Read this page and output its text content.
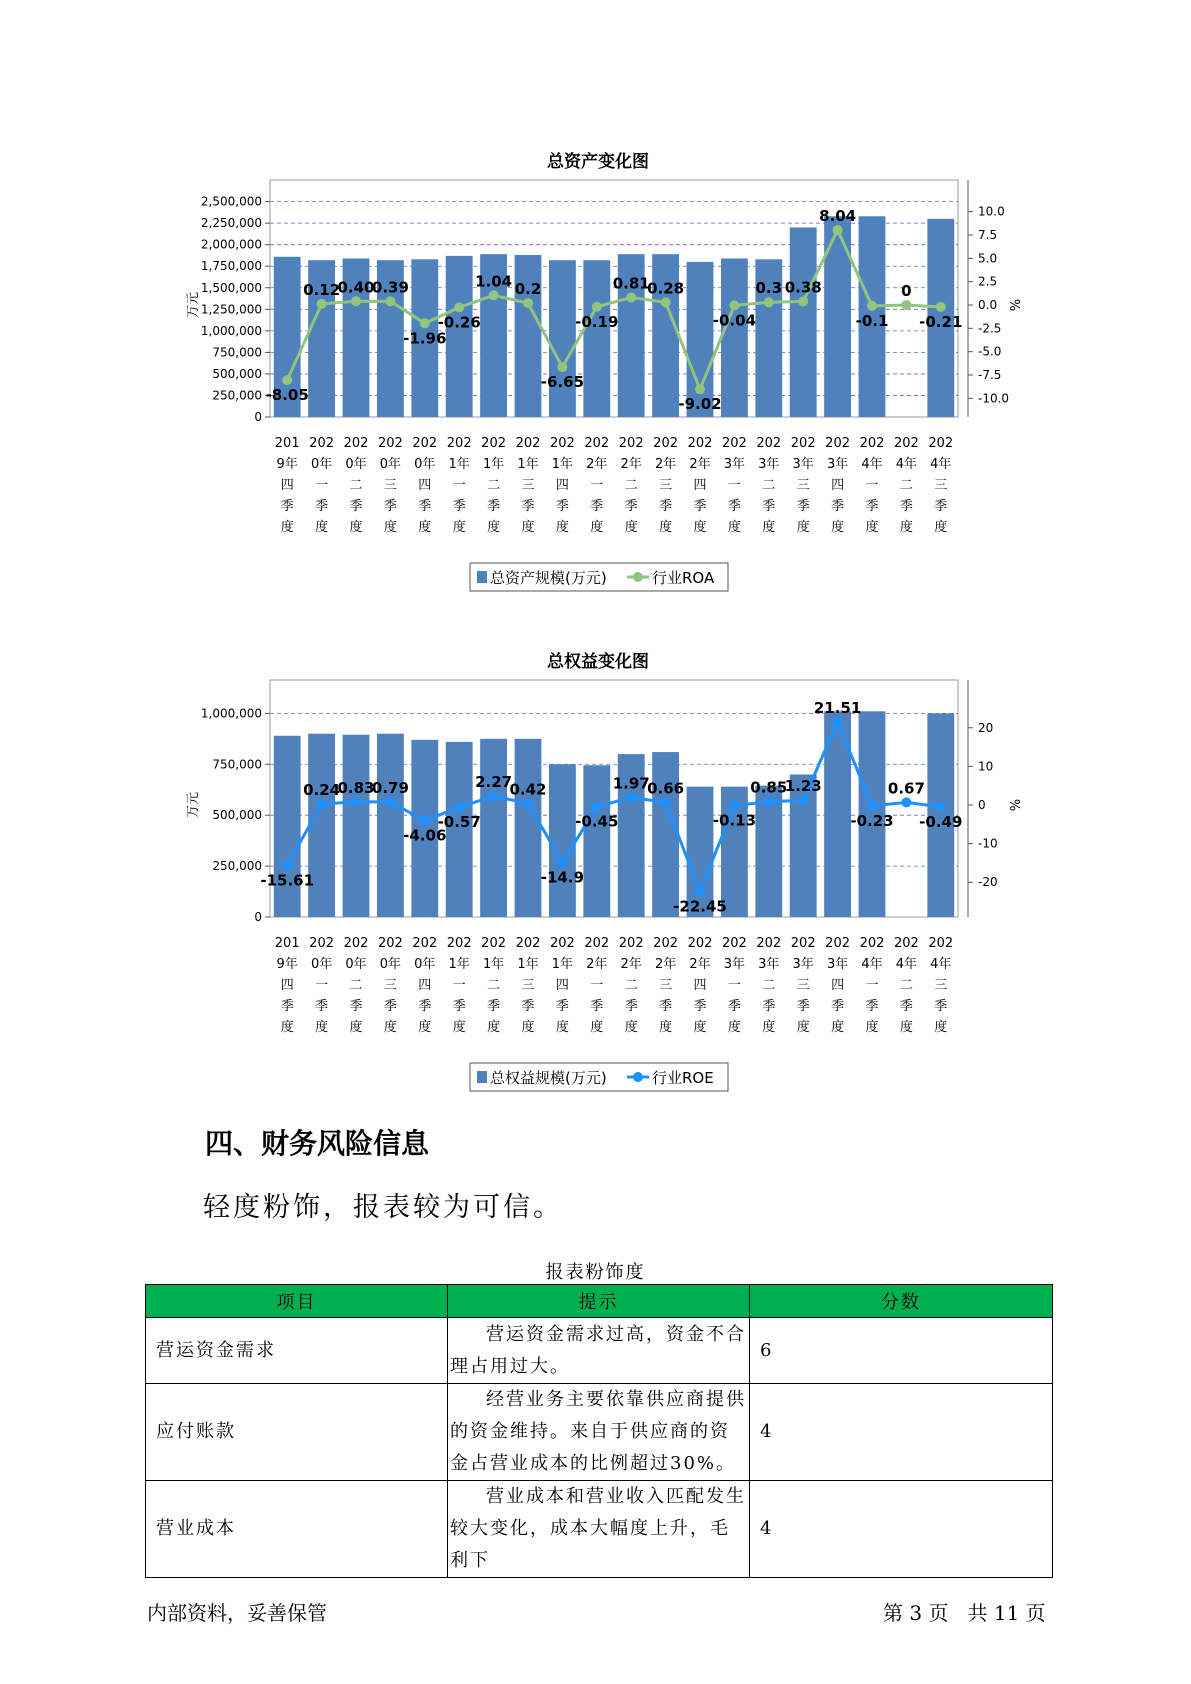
总资产变化图
0
250,000
500,000
750,000
1,000,000
1,250,000
1,500,000
1,750,000
2,000,000
2,250,000
2,500,000
-10.0
-7.5
-5.0
-2.5
0.0
2.5
5.0
7.5
10.0
万元	%
-8.05
0.12
0.40
0.39
-1.96
-0.26
1.04 0.2
-6.65
-0.19
0.81
0.28
-9.02
-0.04
0.3 0.38
8.04
-0.1
0
-0.21
201
9年
四
季
度
202
0年
一
季
度
202
0年
二
季
度
202
0年
三
季
度
202
0年
四
季
度
202
1年
一
季
度
202
1年
二
季
度
202
1年
三
季
度
202
1年
四
季
度
202
2年
一
季
度
202
2年
二
季
度
202
2年
三
季
度
202
2年
四
季
度
202
3年
一
季
度
202
3年
二
季
度
202
3年
三
季
度
202
3年
四
季
度
202
4年
一
季
度
202
4年
二
季
度
202
4年
三
季
度
总资产规模(万元)	行业ROA
总权益变化图
0
250,000
500,000
750,000
1,000,000
-20
-10
0
10
20
万元	%
-15.61
0.24
0.83
0.79
-4.06
-0.57
2.27
0.42
-14.9
-0.45
1.97
0.66
-22.45
-0.13
0.85
1.23
21.51
-0.23
0.67
-0.49
201
9年
四
季
度
202
0年
一
季
度
202
0年
二
季
度
202
0年
三
季
度
202
0年
四
季
度
202
1年
一
季
度
202
1年
二
季
度
202
1年
三
季
度
202
1年
四
季
度
202
2年
一
季
度
202
2年
二
季
度
202
2年
三
季
度
202
2年
四
季
度
202
3年
一
季
度
202
3年
二
季
度
202
3年
三
季
度
202
3年
四
季
度
202
4年
一
季
度
202
4年
二
季
度
202
4年
三
季
度
总权益规模(万元)	行业ROE
四、财务风险信息
轻度粉饰，报表较为可信。
报表粉饰度
项目	提示	分数
营运资金需求	营运资金需求过高，资金不合理占用过大。	6
应付账款	经营业务主要依靠供应商提供的资金维持。来自于供应商的资金占营业成本的比例超过30%。	4
营业成本	营业成本和营业收入匹配发生较大变化，成本大幅度上升，毛利下	4
内部资料，妥善保管	第 3 页   共 11 页
